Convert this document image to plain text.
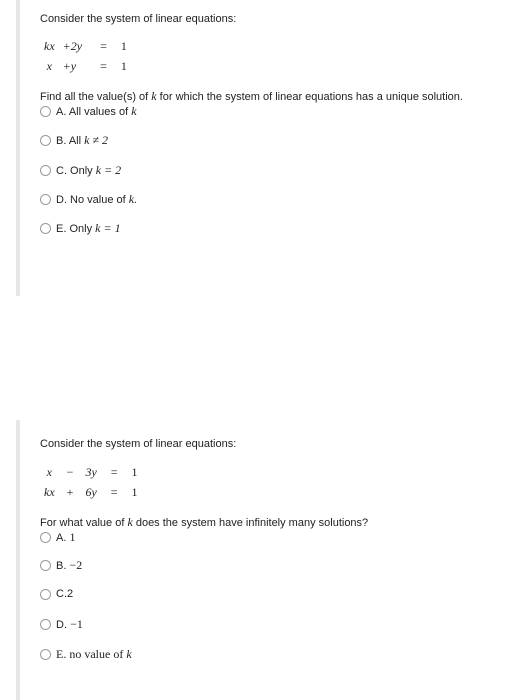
Consider the system of linear equations:
kx	+2y	=	1
x	+y	=	1
Find all the value(s) of k for which the system of linear equations has a unique solution.
A. All values of
k
B. All
k ≠ 2
C. Only
k = 2
D. No value of
k.
E. Only
k = 1
Consider the system of linear equations:
x	−	3y	=	1
kx	+	6y	=	1
For what value of k does the system have infinitely many solutions?
A.
1
B.
−2
C. 2
D.
−1
E. no value of
k
